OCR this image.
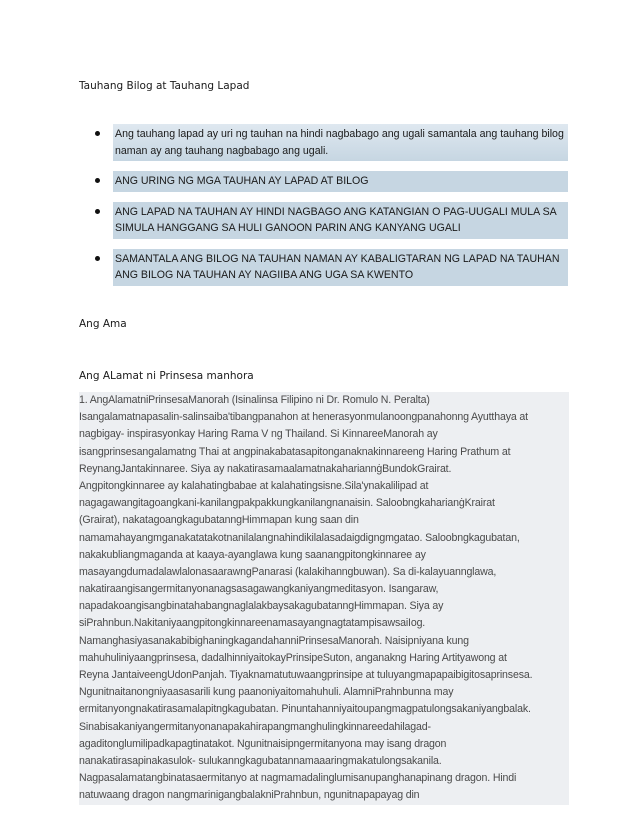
Tauhang Bilog at Tauhang Lapad
Ang tauhang lapad ay uri ng tauhan na hindi nagbabago ang ugali samantala ang tauhang bilog naman ay ang tauhang nagbabago ang ugali.
ANG URING NG MGA TAUHAN AY LAPAD AT BILOG
ANG LAPAD NA TAUHAN AY HINDI NAGBAGO ANG KATANGIAN O PAG-UUGALI MULA SA SIMULA HANGGANG SA HULI GANOON PARIN ANG KANYANG UGALI
SAMANTALA ANG BILOG NA TAUHAN NAMAN AY KABALIGTARAN NG LAPAD NA TAUHAN ANG BILOG NA TAUHAN AY NAGIIBA ANG UGA SA KWENTO
Ang Ama
Ang ALamat ni Prinsesa manhora
1. AngAlamatniPrinsesaManorah (Isinalinsa Filipino ni Dr. Romulo N. Peralta)
Isangalamatnapasalin-salinsaiba'tibangpanahon at henerasyonmulanoongpanahonng Ayutthaya at
nagbigay- inspirasyonkay Haring Rama V ng Thailand. Si KinnareeManorah ay
isangprinsesangalamatng Thai at angpinakabatasapitonganaknakinnareeng Haring Prathum at
ReynangJantakinnaree. Siya ay nakatirasamaalamatnakahariannġBundokGrairat.
Angpitongkinnaree ay kalahatingbabae at kalahatingsisne.Sila'ynakalilipad at
nagagawangitagoangkani-kanilangpakpakkungkanilangnanaisin. SaloobngkaharianġKrairat
(Grairat), nakatagoangkagubatanngHimmapan kung saan din
namamahayangmganakatatakotnanilalangnahindikilalasadaigdigngmgatao. Saloobngkagubatan,
nakakubliangmaganda at kaaya-ayanglawa kung saanangpitongkinnaree ay
masayangdumadalawlalonasaarawngPanarasi (kalakihanngbuwan). Sa di-kalayuannglawa,
nakatiraangisangermitanyonanagsasagawangkaniyangmeditasyon. Isangaraw,
napadakoangisangbinatahabangnaglalakbaysakagubatanngHimmapan. Siya ay
siPrahnbun.NakitaniyaangpitongkinnareenamasayangnagtatampisawsaiIog.
NamanghasiyasanakabibighaningkagandahanniPrinsesaManorah. Naisipniyana kung
mahuhuliniyaangprinsesa, dadalhinniyaitokayPrinsipeSuton, anganakng Haring Artityawong at
Reyna JantaiveengUdonPanjah. Tiyaknamatutuwaangprinsipe at tuluyangmapapaibigitosaprinsesa.
Ngunitnaitanongniyaasasarili kung paanoniyaitomahuhuli. AlamniPrahnbunna may
ermitanyongnakatirasamalapitngkagubatan. Pinuntahanniyaitoupangmagpatulongsakaniyangbalak.
Sinabisakaniyangermitanyonanapakahirapangmanghulingkinnareedahilagad-
agaditonglumilipadkapagtinatakot. Ngunitnaisipngermitanyona may isang dragon
nanakatirasapinakasulok- sulukanngkagubatannamaaaringmakatulongsakanila.
Nagpasalamatangbinatasaermitanyo at nagmamadalinglumisanupanghanapinang dragon. Hindi
natuwaang dragon nangmarinigangbalakniPrahnbun, ngunitnapapayag din
